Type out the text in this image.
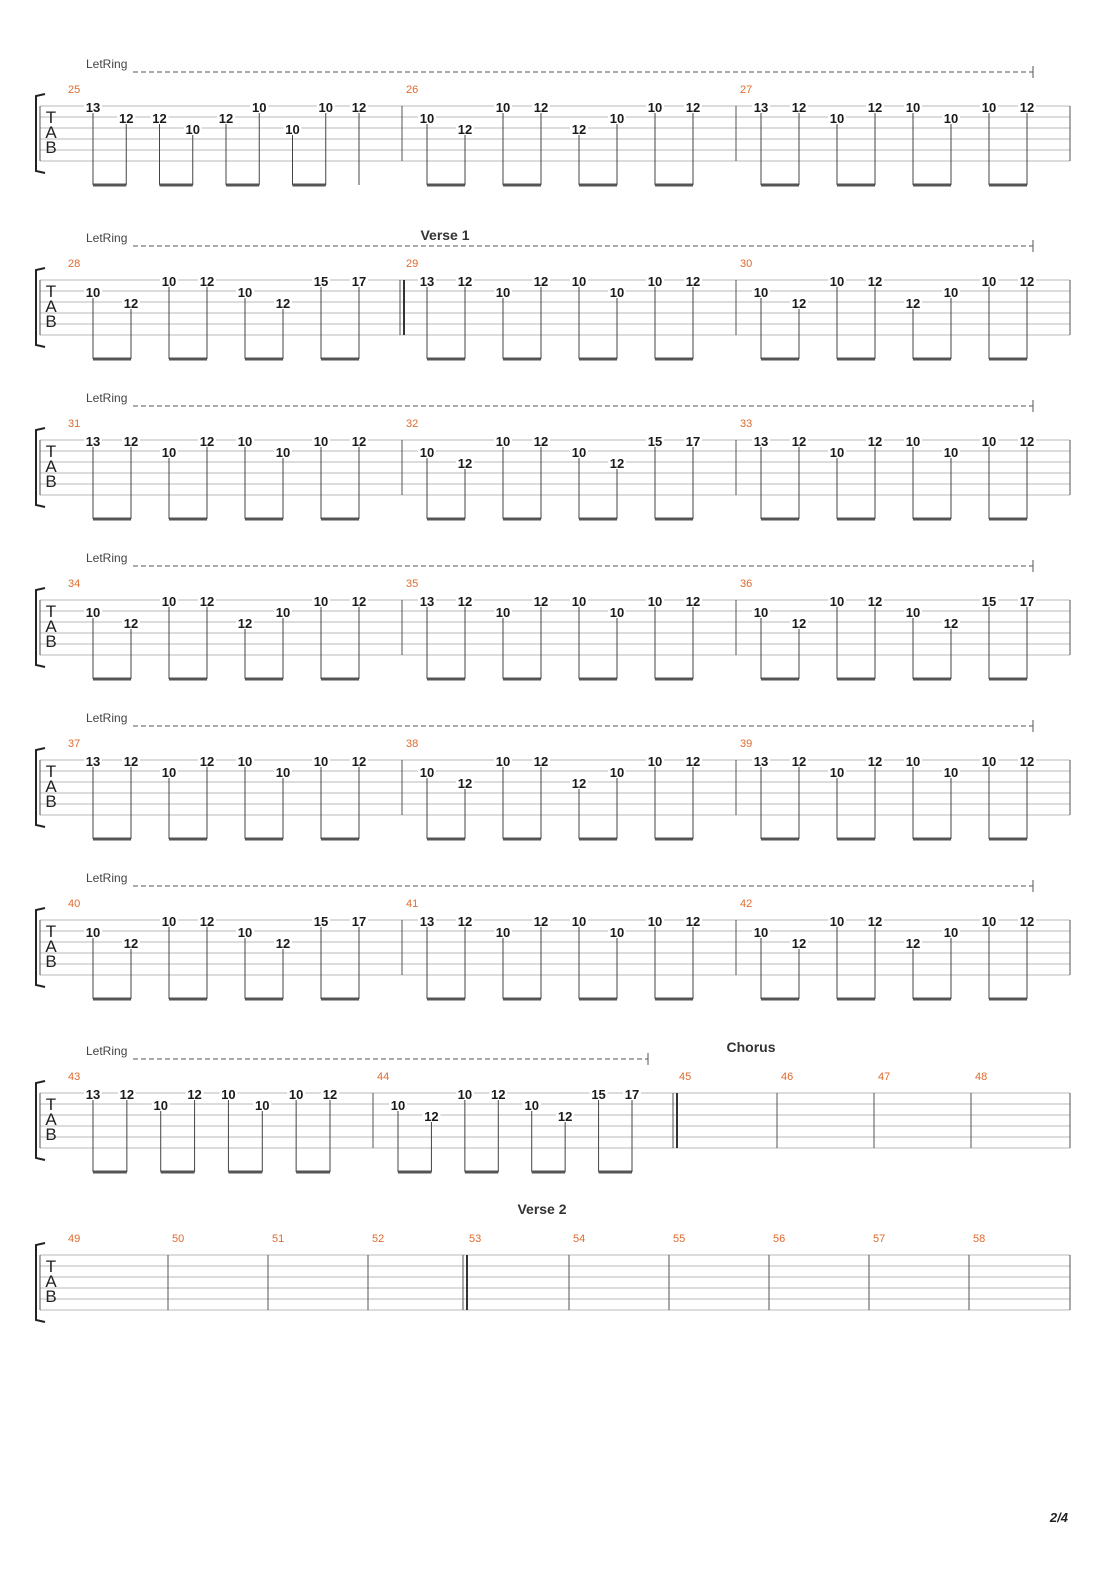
LetRing
T
A
B
25
13
12 12
10
12
10
10
10 12
26
10
12
10 12
12
10
10 12
27
13 12
10
12 10
10
10 12
LetRing	Verse 1
T
A
B
28
10
12
10 12
10
12
15 17
29
13 12
10
12 10
10
10 12
30
10
12
10 12
12
10
10 12
LetRing
T
A
B
31
13 12
10
12 10
10
10 12
32
10
12
10 12
10
12
15 17
33
13 12
10
12 10
10
10 12
LetRing
T
A
B
34
10
12
10 12
12
10
10 12
35
13 12
10
12 10
10
10 12
36
10
12
10 12
10
12
15 17
LetRing
T
A
B
37
13 12
10
12 10
10
10 12
38
10
12
10 12
12
10
10 12
39
13 12
10
12 10
10
10 12
LetRing
T
A
B
40
10
12
10 12
10
12
15 17
41
13 12
10
12 10
10
10 12
42
10
12
10 12
12
10
10 12
LetRing	Chorus
T
A
B
43
13 12
10
12 10
10
10 12
44
10
12
10 12
10
12
15 17
45	46	47	48
Verse 2
T
A
B
49	50	51	52	53	54	55	56	57	58
2/4
